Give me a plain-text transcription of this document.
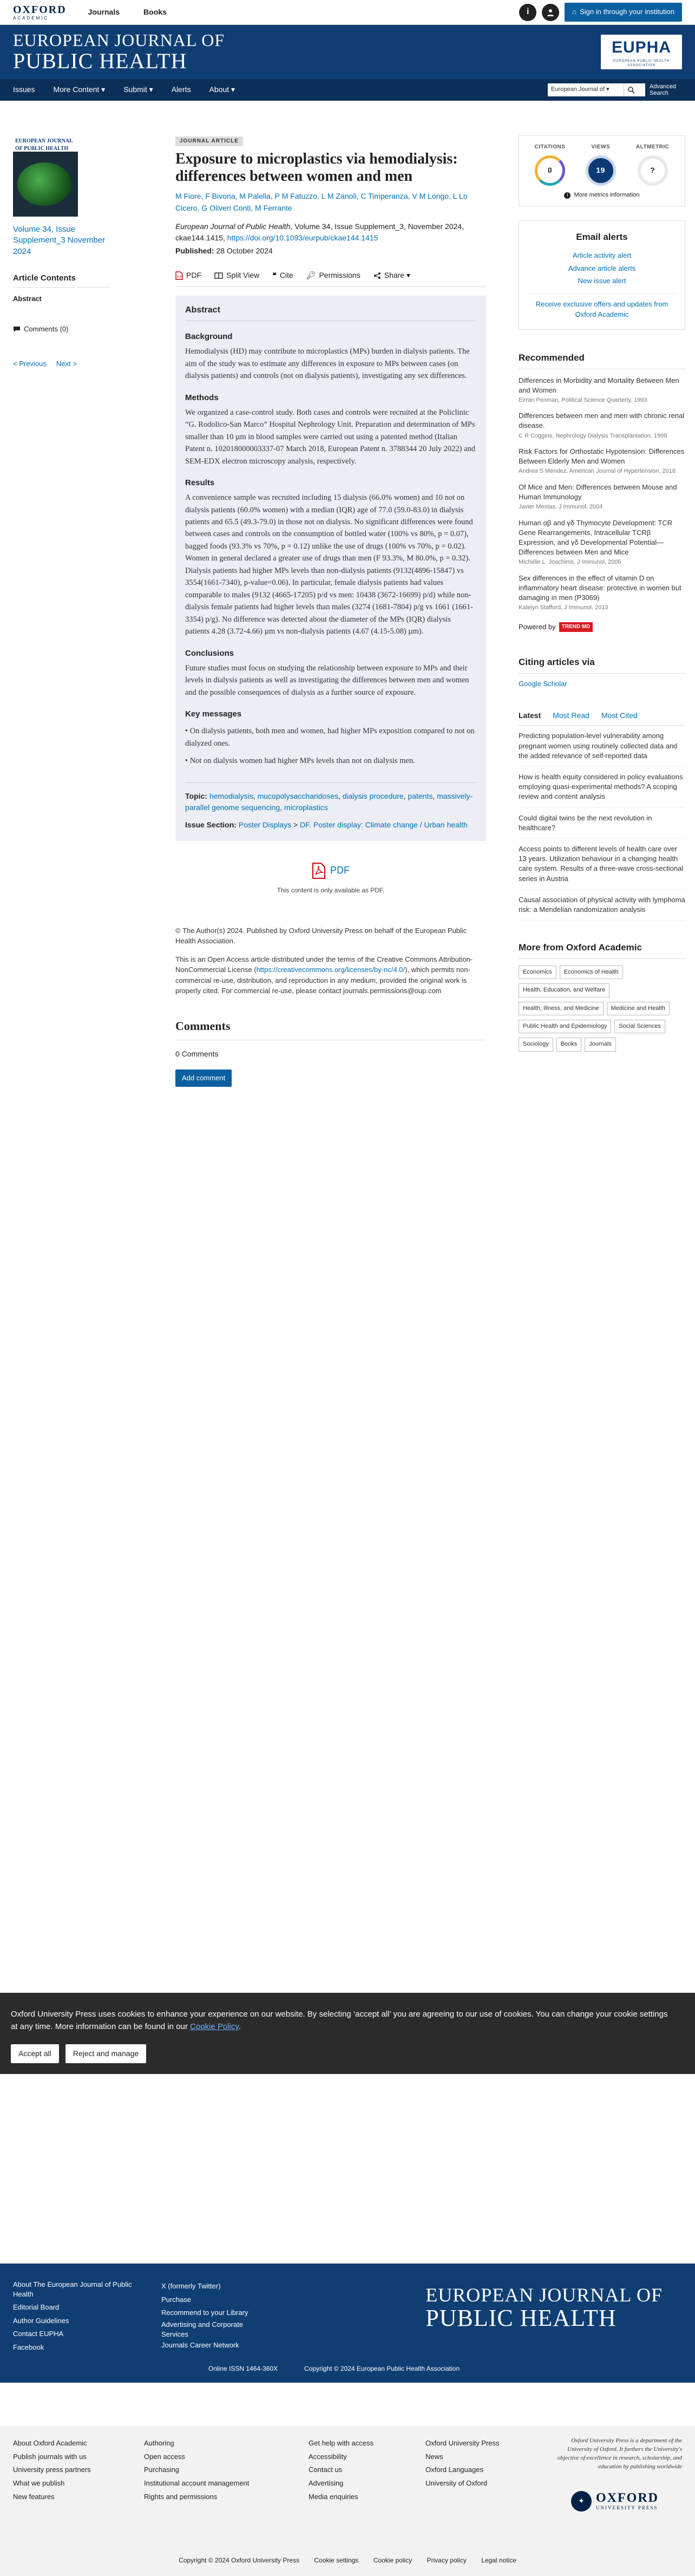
OXFORD
ACADEMIC
Journals	Books	i	⌂ Sign in through your institution
EUROPEAN JOURNAL OF
PUBLIC HEALTH
EUPHA
EUROPEAN PUBLIC HEALTH ASSOCIATION
Issues More Content ▾ Submit ▾ Alerts About ▾	European Journal of ▾	Advanced Search
EUROPEAN JOURNAL OF PUBLIC HEALTH
Volume 34, Issue Supplement_3 November 2024
Article Contents
Abstract
Comments (0)
< Previous Next >
JOURNAL ARTICLE
Exposure to microplastics via hemodialysis: differences between women and men
M Fiore, F Bivona, M Palella, P M Fatuzzo, L M Zanoli, C Timperanza, V M Longo, L Lo Cicero, G Oliveri Conti, M Ferrante
European Journal of Public Health, Volume 34, Issue Supplement_3, November 2024, ckae144.1415, https://doi.org/10.1093/eurpub/ckae144.1415
Published: 28 October 2024
PDF PDF	Split View ❝ Cite 🔑︎ Permissions	Share ▾
Abstract
Background

Hemodialysis (HD) may contribute to microplastics (MPs) burden in dialysis patients. The aim of the study was to estimate any differences in exposure to MPs between cases (on dialysis patients) and controls (not on dialysis patients), investigating any sex differences.

Methods

We organized a case-control study. Both cases and controls were recruited at the Policlinic “G. Rodolico-San Marco” Hospital Nephrology Unit. Preparation and determination of MPs smaller than 10 µm in blood samples were carried out using a patented method (Italian Patent n. 102018000003337-07 March 2018, European Patent n. 3788344 20 July 2022) and SEM-EDX electron microscopy analysis, respectively.

Results

A convenience sample was recruited including 15 dialysis (66.0% women) and 10 not on dialysis patients (60.0% women) with a median (IQR) age of 77.0 (59.0-83.0) in dialysis patients and 65.5 (49.3-79.0) in those not on dialysis. No significant differences were found between cases and controls on the consumption of bottled water (100% vs 80%, p = 0.07), bagged foods (93.3% vs 70%, p = 0.12) unlike the use of drugs (100% vs 70%, p = 0.02). Women in general declared a greater use of drugs than men (F 93.3%, M 80.0%, p = 0.32). Dialysis patients had higher MPs levels than non-dialysis patients (9132(4896-15847) vs 3554(1661-7340), p-value=0.06). In particular, female dialysis patients had values comparable to males (9132 (4665-17205) p/d vs men: 10438 (3672-16699) p/d) while non-dialysis female patients had higher levels than males (3274 (1681-7804) p/g vs 1661 (1661-3354) p/g). No difference was detected about the diameter of the MPs (IQR) dialysis patients 4.28 (3.72-4.66) µm vs non-dialysis patients (4.67 (4.15-5.08) µm).

Conclusions

Future studies must focus on studying the relationship between exposure to MPs and their levels in dialysis patients as well as investigating the differences between men and women and the possible consequences of dialysis as a further source of exposure.

Key messages
• On dialysis patients, both men and women, had higher MPs exposition compared to not on dialyzed ones.
• Not on dialysis women had higher MPs levels than not on dialysis men.
Topic: hemodialysis, mucopolysaccharidoses, dialysis procedure, patents, massively-parallel genome sequencing, microplastics
Issue Section: Poster Displays > DF. Poster display: Climate change / Urban health
PDF
This content is only available as PDF.

© The Author(s) 2024. Published by Oxford University Press on behalf of the European Public Health Association.

This is an Open Access article distributed under the terms of the Creative Commons Attribution-NonCommercial License (https://creativecommons.org/licenses/by-nc/4.0/), which permits non-commercial re-use, distribution, and reproduction in any medium, provided the original work is properly cited. For commercial re-use, please contact journals.permissions@oup.com

Comments
0 Comments
Add comment
CITATIONS
0
VIEWS
19
ALTMETRIC
?
i	More metrics information
Email alerts
Article activity alert
Advance article alerts
New issue alert
Receive exclusive offers and updates from Oxford Academic
Recommended
Differences in Morbidity and Mortality Between Men and Women
Eirran Penman, Political Science Quarterly, 1993
Differences between men and men with chronic renal disease.
C R Coggins, Nephrology Dialysis Transplantation, 1998
Risk Factors for Orthostatic Hypotension: Differences Between Elderly Men and Women
Andrea S Méndez, American Journal of Hypertension, 2018
Of Mice and Men: Differences between Mouse and Human Immunology
Javier Mestas, J Immunol, 2004
Human αβ and γδ Thymocyte Development: TCR Gene Rearrangements, Intracellular TCRβ Expression, and γδ Developmental Potential—Differences between Men and Mice
Michelle L. Joachims, J Immunol, 2006
Sex differences in the effect of vitamin D on inflammatory heart disease: protective in women but damaging in men (P3069)
Katelyn Stafford, J Immunol, 2013
Powered by	TREND MD
Citing articles via
Google Scholar
Latest Most Read Most Cited
Predicting population-level vulnerability among pregnant women using routinely collected data and the added relevance of self-reported data
How is health equity considered in policy evaluations employing quasi-experimental methods? A scoping review and content analysis
Could digital twins be the next revolution in healthcare?
Access points to different levels of health care over 13 years. Utilization behaviour in a changing health care system. Results of a three-wave cross-sectional series in Austria
Causal association of physical activity with lymphoma risk: a Mendelian randomization analysis
More from Oxford Academic
Economics	Economics of Health
Health, Education, and Welfare
Health, Illness, and Medicine	Medicine and Health
Public Health and Epidemiology	Social Sciences
Sociology	Books	Journals

Oxford University Press uses cookies to enhance your experience on our website. By selecting ‘accept all’ you are agreeing to our use of cookies. You can change your cookie settings at any time. More information can be found in our Cookie Policy.

Accept all	Reject and manage
About The European Journal of Public Health
Editorial Board
Author Guidelines
Contact EUPHA
Facebook
X (formerly Twitter)
Purchase
Recommend to your Library
Advertising and Corporate Services
Journals Career Network
EUROPEAN JOURNAL OF
PUBLIC HEALTH
Online ISSN 1464-360X	Copyright © 2024 European Public Health Association
About Oxford Academic
Publish journals with us
University press partners
What we publish
New features
Authoring
Open access
Purchasing
Institutional account management
Rights and permissions
Get help with access
Accessibility
Contact us
Advertising
Media enquiries
Oxford University Press
News
Oxford Languages
University of Oxford
Oxford University Press is a department of the University of Oxford. It furthers the University's objective of excellence in research, scholarship, and education by publishing worldwide
✦ OXFORD
UNIVERSITY PRESS
Copyright © 2024 Oxford University Press Cookie settings Cookie policy Privacy policy Legal notice
